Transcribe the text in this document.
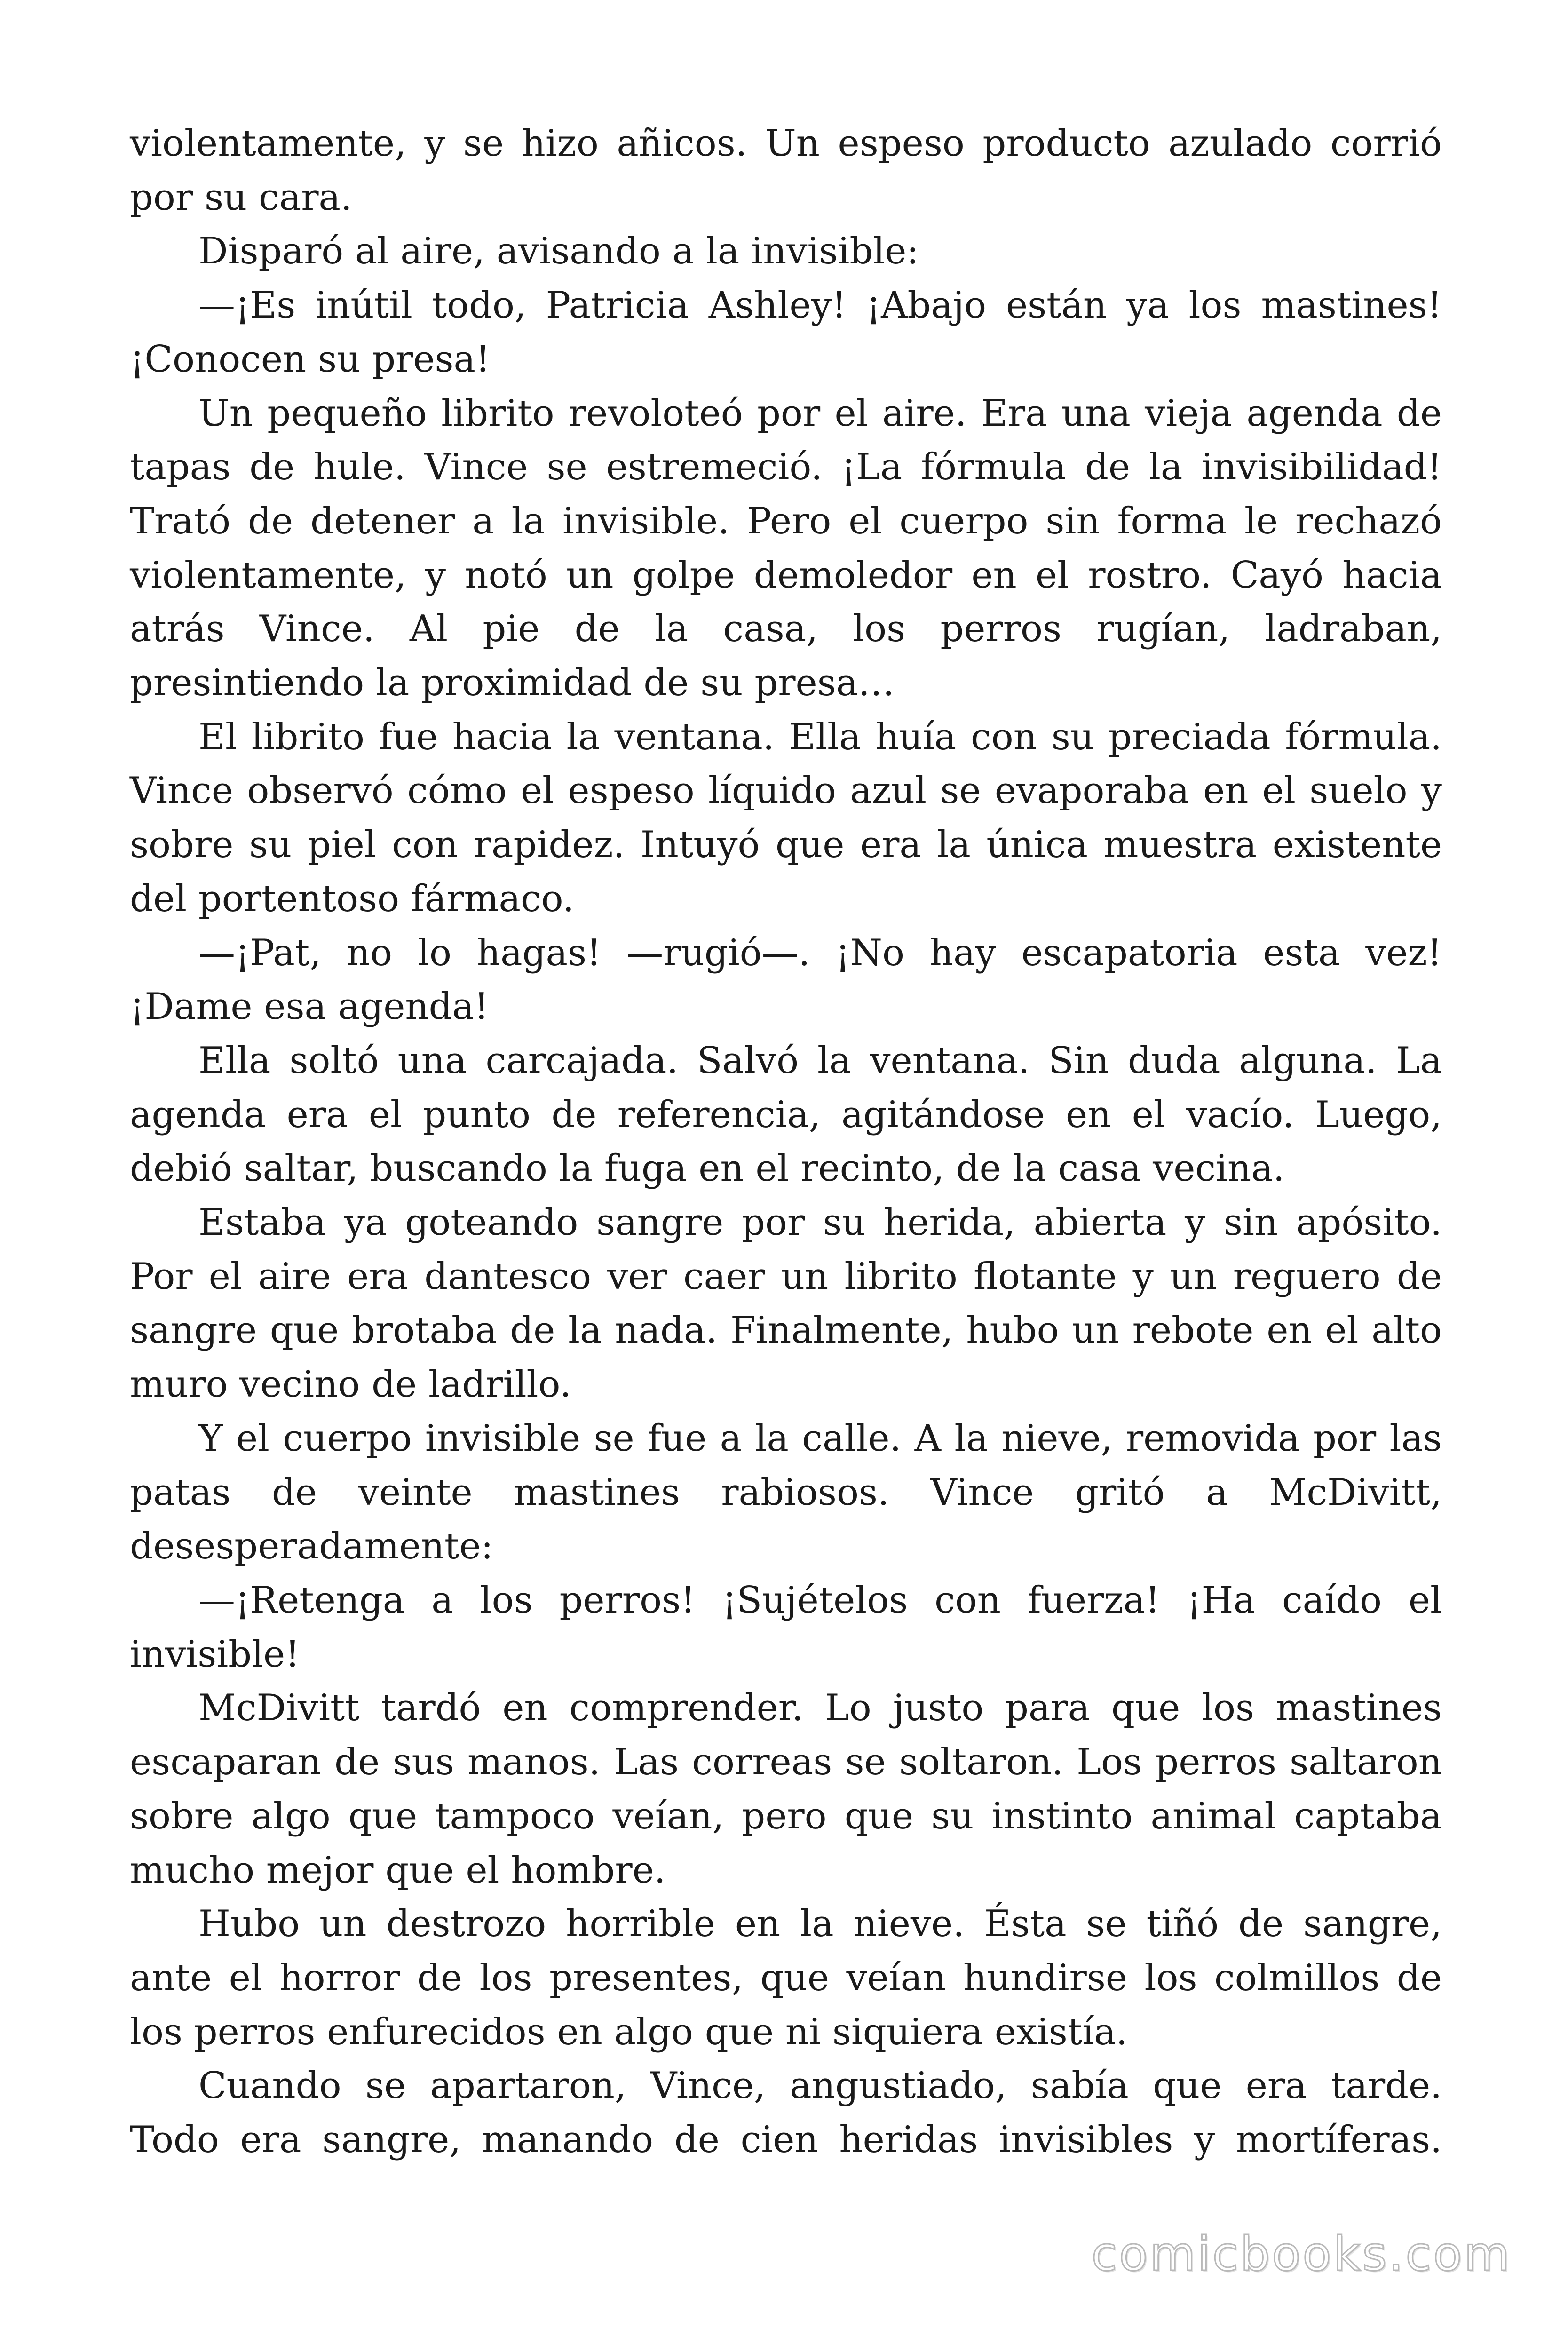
violentamente, y se hizo añicos. Un espeso producto azulado corrió por su cara.

Disparó al aire, avisando a la invisible:

—¡Es inútil todo, Patricia Ashley! ¡Abajo están ya los mastines! ¡Conocen su presa!

Un pequeño librito revoloteó por el aire. Era una vieja agenda de tapas de hule. Vince se estremeció. ¡La fórmula de la invisibilidad! Trató de detener a la invisible. Pero el cuerpo sin forma le rechazó violentamente, y notó un golpe demoledor en el rostro. Cayó hacia atrás Vince. Al pie de la casa, los perros rugían, ladraban, presintiendo la proximidad de su presa…

El librito fue hacia la ventana. Ella huía con su preciada fórmula. Vince observó cómo el espeso líquido azul se evaporaba en el suelo y sobre su piel con rapidez. Intuyó que era la única muestra existente del portentoso fármaco.

—¡Pat, no lo hagas! —rugió—. ¡No hay escapatoria esta vez! ¡Dame esa agenda!

Ella soltó una carcajada. Salvó la ventana. Sin duda alguna. La agenda era el punto de referencia, agitándose en el vacío. Luego, debió saltar, buscando la fuga en el recinto, de la casa vecina.

Estaba ya goteando sangre por su herida, abierta y sin apósito. Por el aire era dantesco ver caer un librito flotante y un reguero de sangre que brotaba de la nada. Finalmente, hubo un rebote en el alto muro vecino de ladrillo.

Y el cuerpo invisible se fue a la calle. A la nieve, removida por las patas de veinte mastines rabiosos. Vince gritó a McDivitt, desesperadamente:

—¡Retenga a los perros! ¡Sujételos con fuerza! ¡Ha caído el invisible!

McDivitt tardó en comprender. Lo justo para que los mastines escaparan de sus manos. Las correas se soltaron. Los perros saltaron sobre algo que tampoco veían, pero que su instinto animal captaba mucho mejor que el hombre.

Hubo un destrozo horrible en la nieve. Ésta se tiñó de sangre, ante el horror de los presentes, que veían hundirse los colmillos de los perros enfurecidos en algo que ni siquiera existía.

Cuando se apartaron, Vince, angustiado, sabía que era tarde. Todo era sangre, manando de cien heridas invisibles y mortíferas.

comicbooks.com
